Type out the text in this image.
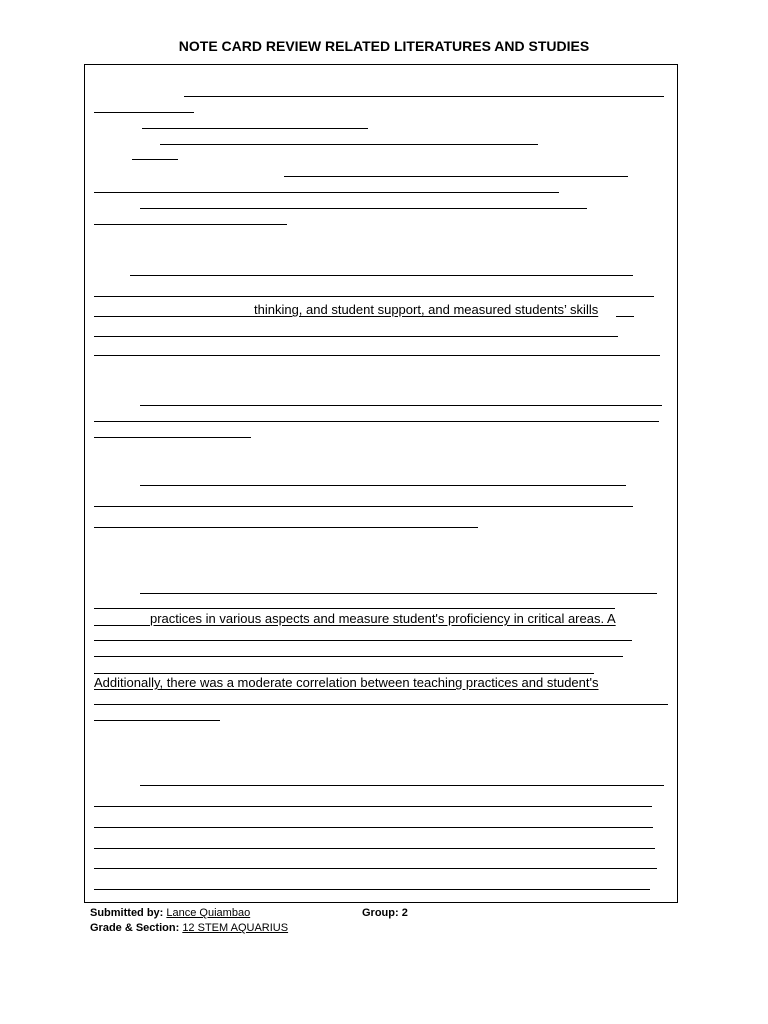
NOTE CARD REVIEW RELATED LITERATURES AND STUDIES
thinking, and student support, and measured students’ skills
practices in various aspects and measure student's proficiency in critical areas. A
Additionally, there was a moderate correlation between teaching practices and student's
Submitted by: Lance Quiambao	Group: 2
Grade & Section: 12 STEM AQUARIUS
